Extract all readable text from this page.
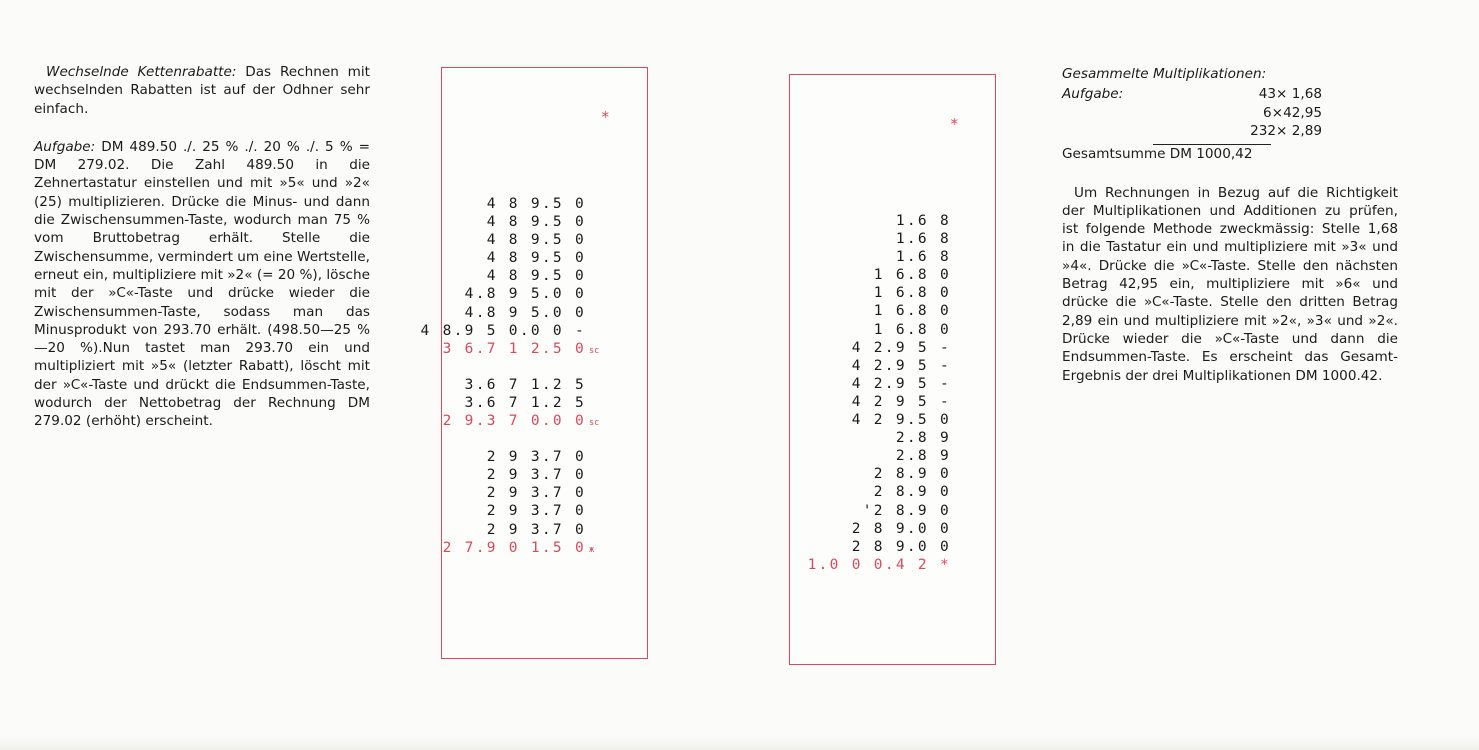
Wechselnde Kettenrabatte: Das Rechnen mit wechselnden Rabatten ist auf der Odhner sehr einfach.

Aufgabe: DM 489.50 ./. 25 % ./. 20 % ./. 5 % = DM 279.02. Die Zahl 489.50 in die Zehnertastatur einstellen und mit »5« und »2« (25) multiplizieren. Drücke die Minus- und dann die Zwischensummen-Taste, wodurch man 75 % vom Bruttobetrag erhält. Stelle die Zwischensumme, vermindert um eine Wertstelle, erneut ein, multipliziere mit »2« (= 20 %), lösche mit der »C«-Taste und drücke wieder die Zwischensummen-Taste, sodass man das Minusprodukt von 293.70 erhält. (498.50—25 %—20 %).Nun tastet man 293.70 ein und multipliziert mit »5« (letzter Rabatt), löscht mit der »C«-Taste und drückt die Endsummen-Taste, wodurch der Nettobetrag der Rechnung DM 279.02 (erhöht) erscheint.

*
4 8 9.5 0
4 8 9.5 0
4 8 9.5 0
4 8 9.5 0
4 8 9.5 0
4.8 9 5.0 0
4.8 9 5.0 0
4 8.9 5 0.0 0 -
3 6.7 1 2.5 0 sc
3.6 7 1.2 5
3.6 7 1.2 5
2 9.3 7 0.0 0 sc
2 9 3.7 0
2 9 3.7 0
2 9 3.7 0
2 9 3.7 0
2 9 3.7 0
2 7.9 0 1.5 0 ж
*
1.6 8
1.6 8
1.6 8
1 6.8 0
1 6.8 0
1 6.8 0
1 6.8 0
4 2.9 5 -
4 2.9 5 -
4 2.9 5 -
4 2 9 5 -
4 2 9.5 0
2.8 9
2.8 9
2 8.9 0
2 8.9 0
'2 8.9 0
2 8 9.0 0
2 8 9.0 0
1.0 0 0.4 2 *

Gesammelte Multiplikationen:

Aufgabe:	43× 1,68
6×42,95
232× 2,89

Gesamtsumme DM 1000,42

Um Rechnungen in Bezug auf die Richtigkeit der Multiplikationen und Additionen zu prüfen, ist folgende Methode zweckmässig: Stelle 1,68 in die Tastatur ein und multipliziere mit »3« und »4«. Drücke die »C«-Taste. Stelle den nächsten Betrag 42,95 ein, multipliziere mit »6« und drücke die »C«-Taste. Stelle den dritten Betrag 2,89 ein und multipliziere mit »2«, »3« und »2«. Drücke wieder die »C«-Taste und dann die Endsummen-Taste. Es erscheint das Gesamt-Ergebnis der drei Multiplikationen DM 1000.42.
